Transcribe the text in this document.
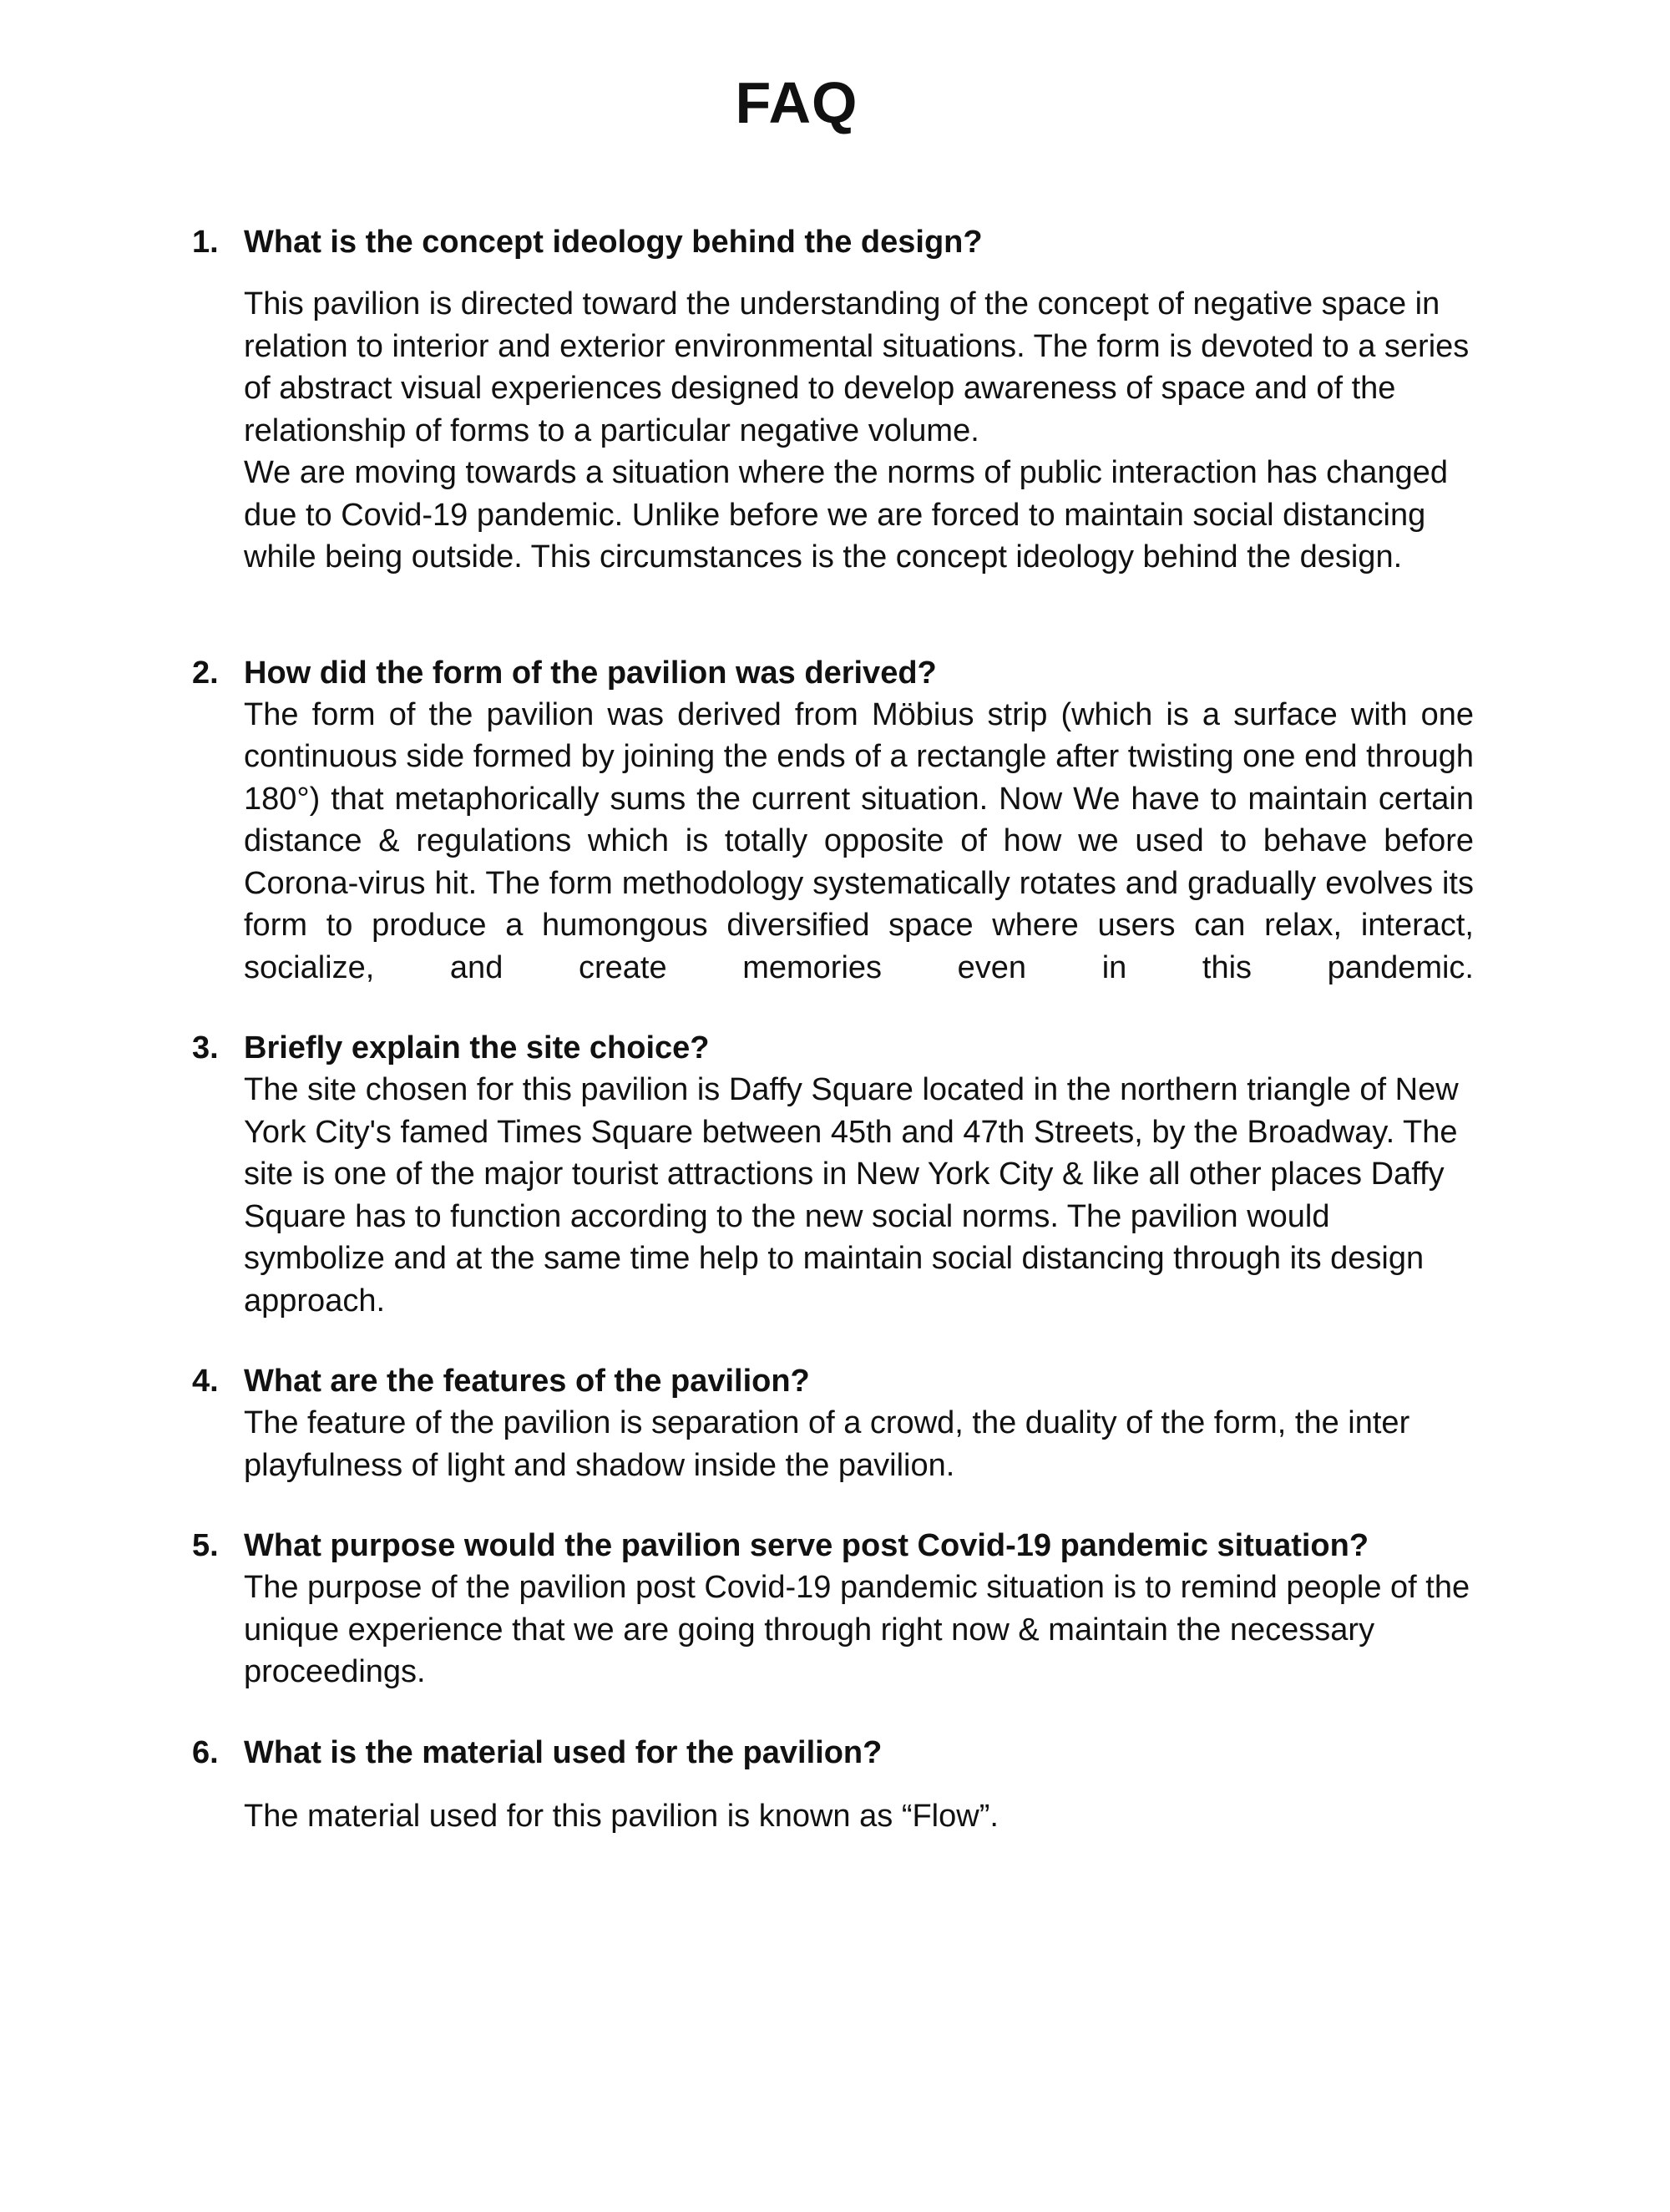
FAQ
1. What is the concept ideology behind the design?

This pavilion is directed toward the understanding of the concept of negative space in relation to interior and exterior environmental situations. The form is devoted to a series of abstract visual experiences designed to develop awareness of space and of the relationship of forms to a particular negative volume.
We are moving towards a situation where the norms of public interaction has changed due to Covid-19 pandemic. Unlike before we are forced to maintain social distancing while being outside. This circumstances is the concept ideology behind the design.
2. How did the form of the pavilion was derived?

The form of the pavilion was derived from Möbius strip (which is a surface with one continuous side formed by joining the ends of a rectangle after twisting one end through 180°) that metaphorically sums the current situation. Now We have to maintain certain distance & regulations which is totally opposite of how we used to behave before Corona-virus hit. The form methodology systematically rotates and gradually evolves its form to produce a humongous diversified space where users can relax, interact, socialize, and create memories even in this pandemic.

3. Briefly explain the site choice?

The site chosen for this pavilion is Daffy Square located in the northern triangle of New York City's famed Times Square between 45th and 47th Streets, by the Broadway. The site is one of the major tourist attractions in New York City & like all other places Daffy Square has to function according to the new social norms. The pavilion would symbolize and at the same time help to maintain social distancing through its design approach.

4. What are the features of the pavilion?

The feature of the pavilion is separation of a crowd, the duality of the form, the inter playfulness of light and shadow inside the pavilion.

5. What purpose would the pavilion serve post Covid-19 pandemic situation?

The purpose of the pavilion post Covid-19 pandemic situation is to remind people of the unique experience that we are going through right now & maintain the necessary proceedings.

6. What is the material used for the pavilion?

The material used for this pavilion is known as “Flow”.
